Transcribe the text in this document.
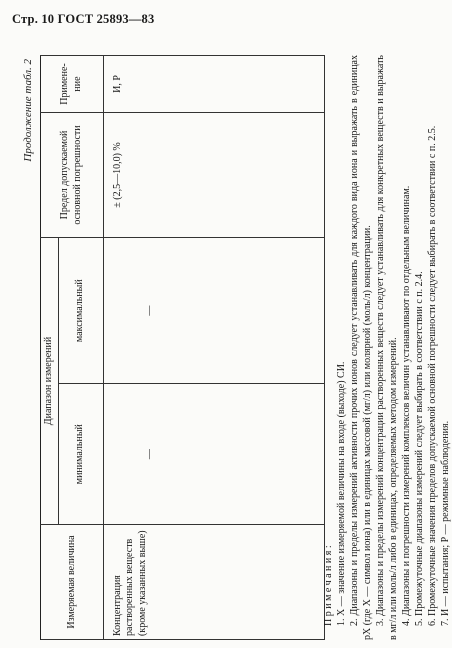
Стр. 10 ГОСТ 25893—83
Продолжение табл. 2
Измеряемая величина	Диапазон измерений		Предел допускаемой основной погрешности	Примене-ние
	минимальный	максимальный		
Концентрация растворенных веществ (кроме указанных выше)	—	—	± (2,5—10,0) %	И, Р

Примечания: 1. X — значение измеряемой величины на входе (выходе) СИ. 2. Диапазоны и пределы измерений активности прочих ионов следует устанавливать для каждого вида иона и выражать в единицах pX (где X — символ иона) или в единицах массовой (мг/л) или молярной (моль/л) концентрации. 3. Диапазоны и пределы измерений концентрации растворенных веществ следует устанавливать для конкретных веществ и выражать в мг/л или моль/л либо в единицах, определяемых методом измерений. 4. Диапазоны и погрешности измерений комплексов величин устанавливают по отдельным величинам. 5. Промежуточные диапазоны измерений следует выбирать в соответствии с п. 2.4. 6. Промежуточные значения пределов допускаемой основной погрешности следует выбирать в соответствии с п. 2.5. 7. И — испытания; Р — режимные наблюдения.
